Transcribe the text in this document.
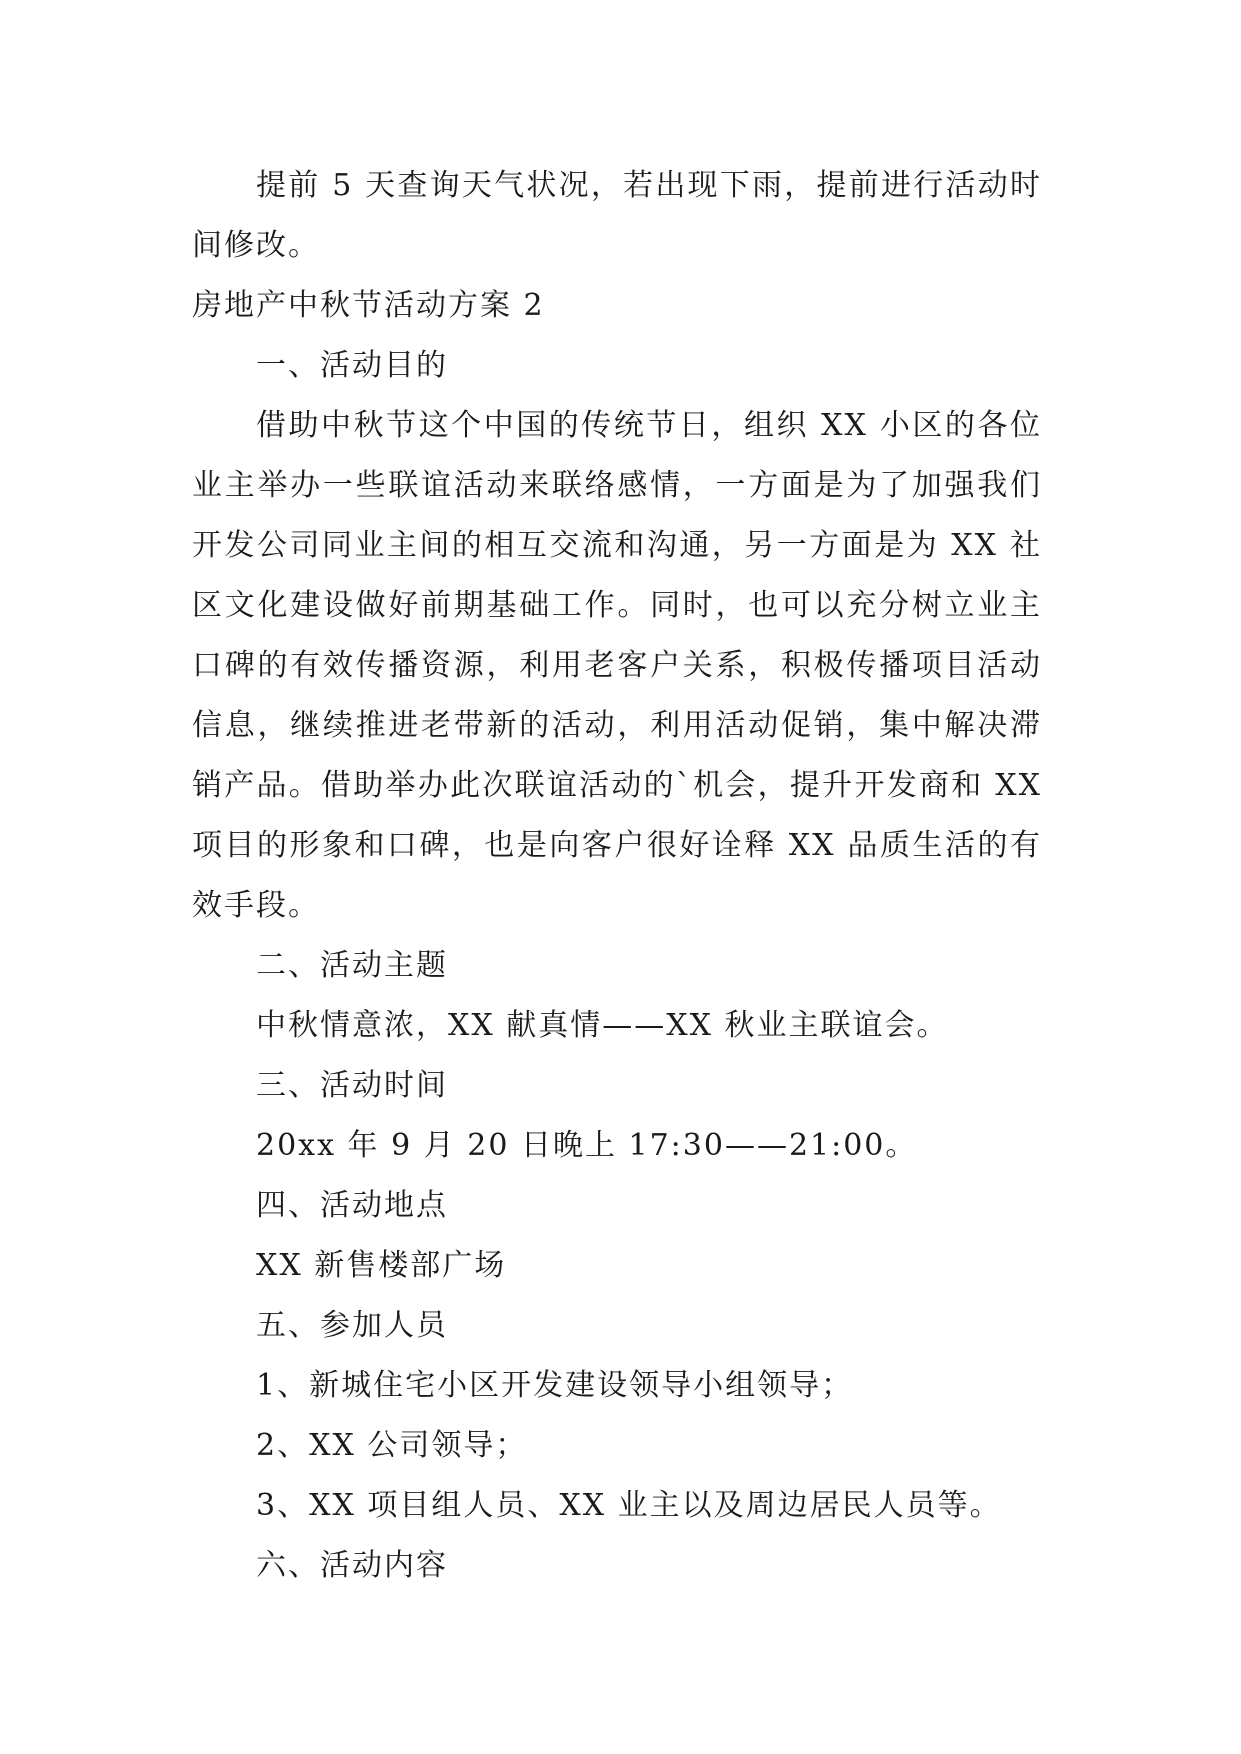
提前 5 天查询天气状况，若出现下雨，提前进行活动时
间修改。
房地产中秋节活动方案 2
一、活动目的
借助中秋节这个中国的传统节日，组织 XX 小区的各位
业主举办一些联谊活动来联络感情，一方面是为了加强我们
开发公司同业主间的相互交流和沟通，另一方面是为 XX 社
区文化建设做好前期基础工作。同时，也可以充分树立业主
口碑的有效传播资源，利用老客户关系，积极传播项目活动
信息，继续推进老带新的活动，利用活动促销，集中解决滞
销产品。借助举办此次联谊活动的`机会，提升开发商和 XX
项目的形象和口碑，也是向客户很好诠释 XX 品质生活的有
效手段。
二、活动主题
中秋情意浓，XX 献真情——XX 秋业主联谊会。
三、活动时间
20xx 年 9 月 20 日晚上 17:30——21:00。
四、活动地点
XX 新售楼部广场
五、参加人员
1、新城住宅小区开发建设领导小组领导；
2、XX 公司领导；
3、XX 项目组人员、XX 业主以及周边居民人员等。
六、活动内容
